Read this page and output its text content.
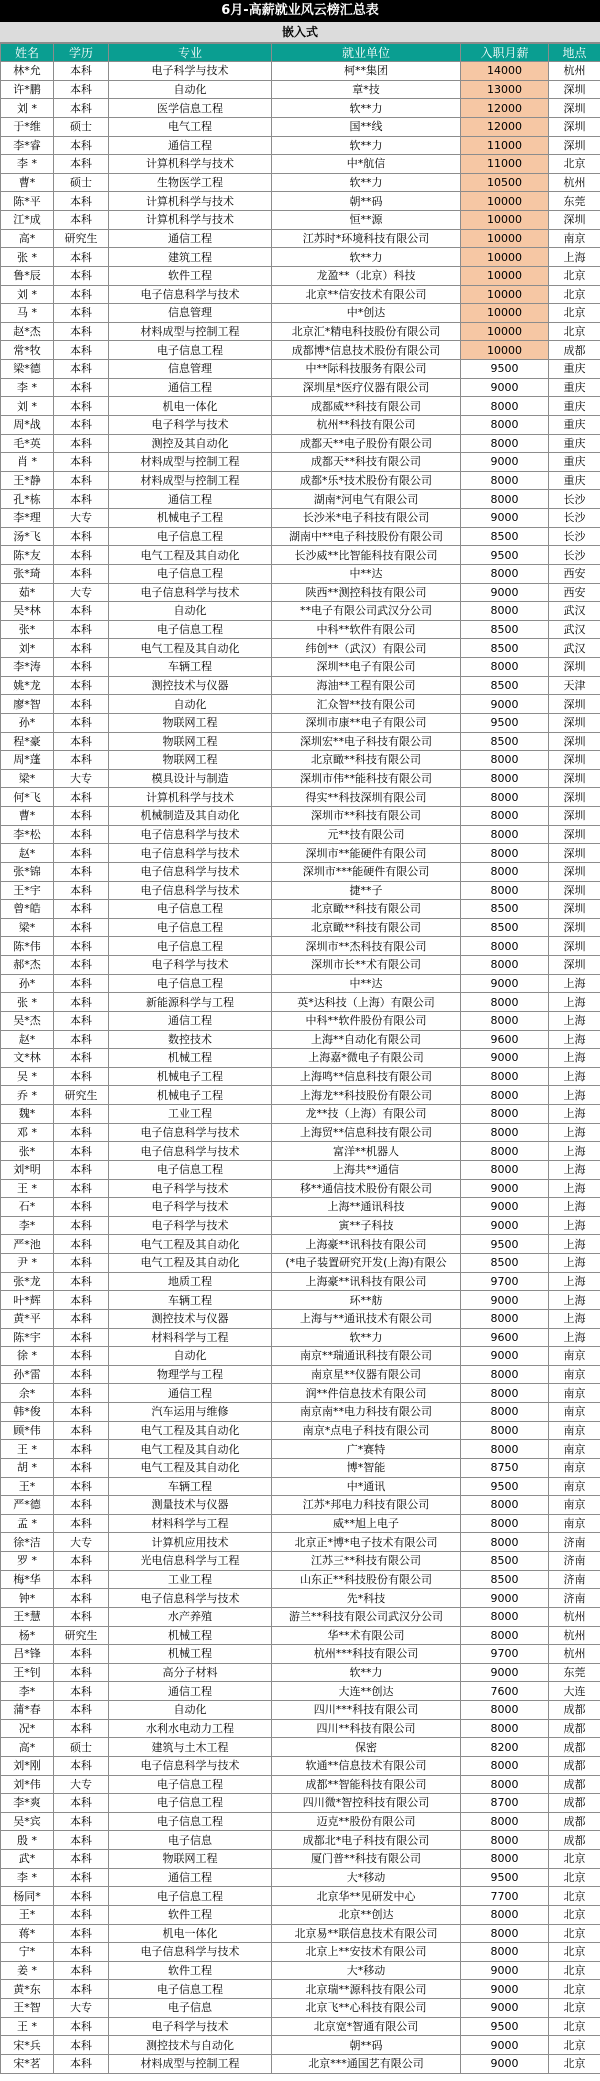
6月-高薪就业风云榜汇总表
嵌入式
姓名	学历	专业	就业单位	入职月薪	地点
林*允	本科	电子科学与技术	柯**集团	14000	杭州
许*鹏	本科	自动化	章*技	13000	深圳
刘 *	本科	医学信息工程	软**力	12000	深圳
于*维	硕士	电气工程	国**线	12000	深圳
李*睿	本科	通信工程	软**力	11000	深圳
李 *	本科	计算机科学与技术	中*航信	11000	北京
曹*	硕士	生物医学工程	软**力	10500	杭州
陈*平	本科	计算机科学与技术	朝**码	10000	东莞
江*成	本科	计算机科学与技术	恒**源	10000	深圳
高*	研究生	通信工程	江苏时*环境科技有限公司	10000	南京
张 *	本科	建筑工程	软**力	10000	上海
鲁*辰	本科	软件工程	龙盈**（北京）科技	10000	北京
刘 *	本科	电子信息科学与技术	北京**信安技术有限公司	10000	北京
马 *	本科	信息管理	中*创达	10000	北京
赵*杰	本科	材料成型与控制工程	北京汇*精电科技股份有限公司	10000	北京
常*牧	本科	电子信息工程	成都博*信息技术股份有限公司	10000	成都
梁*德	本科	信息管理	中**际科技服务有限公司	9500	重庆
李 *	本科	通信工程	深圳星*医疗仪器有限公司	9000	重庆
刘 *	本科	机电一体化	成都威**科技有限公司	8000	重庆
周*战	本科	电子科学与技术	杭州**科技有限公司	8000	重庆
毛*英	本科	测控及其自动化	成都天**电子股份有限公司	8000	重庆
肖 *	本科	材料成型与控制工程	成都天**科技有限公司	9000	重庆
王*静	本科	材料成型与控制工程	成都*乐*技术股份有限公司	8000	重庆
孔*栋	本科	通信工程	湖南*河电气有限公司	8000	长沙
李*理	大专	机械电子工程	长沙米*电子科技有限公司	9000	长沙
汤*飞	本科	电子信息工程	湖南中**电子科技股份有限公司	8500	长沙
陈*友	本科	电气工程及其自动化	长沙威**比智能科技有限公司	9500	长沙
张*琦	本科	电子信息工程	中**达	8000	西安
茹*	大专	电子信息科学与技术	陕西**测控科技有限公司	9000	西安
吴*林	本科	自动化	**电子有限公司武汉分公司	8000	武汉
张*	本科	电子信息工程	中科**软件有限公司	8500	武汉
刘*	本科	电气工程及其自动化	纬创**（武汉）有限公司	8500	武汉
李*涛	本科	车辆工程	深圳**电子有限公司	8000	深圳
姚*龙	本科	测控技术与仪器	海油**工程有限公司	8500	天津
廖*智	本科	自动化	汇众智**技有限公司	9000	深圳
孙*	本科	物联网工程	深圳市康**电子有限公司	9500	深圳
程*豪	本科	物联网工程	深圳宏**电子科技有限公司	8500	深圳
周*蓬	本科	物联网工程	北京瞰**科技有限公司	8000	深圳
梁*	大专	模具设计与制造	深圳市伟**能科技有限公司	8000	深圳
何*飞	本科	计算机科学与技术	得实**科技深圳有限公司	8000	深圳
曹*	本科	机械制造及其自动化	深圳市**科技有限公司	8000	深圳
李*松	本科	电子信息科学与技术	元**技有限公司	8000	深圳
赵*	本科	电子信息科学与技术	深圳市**能硬件有限公司	8000	深圳
张*锦	本科	电子信息科学与技术	深圳市***能硬件有限公司	8000	深圳
王*宇	本科	电子信息科学与技术	捷**子	8000	深圳
曾*皓	本科	电子信息工程	北京瞰**科技有限公司	8500	深圳
梁*	本科	电子信息工程	北京瞰**科技有限公司	8500	深圳
陈*伟	本科	电子信息工程	深圳市**杰科技有限公司	8000	深圳
郝*杰	本科	电子科学与技术	深圳市长**术有限公司	8000	深圳
孙*	本科	电子信息工程	中**达	9000	上海
张 *	本科	新能源科学与工程	英*达科技（上海）有限公司	8000	上海
吴*杰	本科	通信工程	中科**软件股份有限公司	8000	上海
赵*	本科	数控技术	上海**自动化有限公司	9600	上海
文*林	本科	机械工程	上海嘉*微电子有限公司	9000	上海
吴 *	本科	机械电子工程	上海鸣**信息科技有限公司	8000	上海
乔 *	研究生	机械电子工程	上海龙**科技股份有限公司	8000	上海
魏*	本科	工业工程	龙**技（上海）有限公司	8000	上海
邓 *	本科	电子信息科学与技术	上海贸**信息科技有限公司	8000	上海
张*	本科	电子信息科学与技术	富洋**机器人	8000	上海
刘*明	本科	电子信息工程	上海共**通信	8000	上海
王 *	本科	电子科学与技术	移**通信技术股份有限公司	9000	上海
石*	本科	电子科学与技术	上海**通讯科技	9000	上海
李*	本科	电子科学与技术	寅**子科技	9000	上海
严*池	本科	电气工程及其自动化	上海豪**讯科技有限公司	9500	上海
尹 *	本科	电气工程及其自动化	(*电子装置研究开发(上海)有限公	8500	上海
张*龙	本科	地质工程	上海豪**讯科技有限公司	9700	上海
叶*辉	本科	车辆工程	环**舫	9000	上海
黄*平	本科	测控技术与仪器	上海与**通讯技术有限公司	8000	上海
陈*宇	本科	材料科学与工程	软**力	9600	上海
徐 *	本科	自动化	南京**瑞通讯科技有限公司	9000	南京
孙*雷	本科	物理学与工程	南京星**仪器有限公司	8000	南京
余*	本科	通信工程	润**件信息技术有限公司	8000	南京
韩*俊	本科	汽车运用与维修	南京南**电力科技有限公司	8000	南京
顾*伟	本科	电气工程及其自动化	南京*点电子科技有限公司	8000	南京
王 *	本科	电气工程及其自动化	广*赛特	8000	南京
胡 *	本科	电气工程及其自动化	博*智能	8750	南京
王*	本科	车辆工程	中*通讯	9500	南京
严*德	本科	测量技术与仪器	江苏*邦电力科技有限公司	8000	南京
孟 *	本科	材料科学与工程	威**旭上电子	8000	南京
徐*洁	大专	计算机应用技术	北京正*博*电子技术有限公司	8000	济南
罗 *	本科	光电信息科学与工程	江苏三**科技有限公司	8500	济南
梅*华	本科	工业工程	山东正**科技股份有限公司	8500	济南
钟*	本科	电子信息科学与技术	先*科技	9000	济南
王*慧	本科	水产养殖	游兰**科技有限公司武汉分公司	8000	杭州
杨*	研究生	机械工程	华**术有限公司	8000	杭州
吕*锋	本科	机械工程	杭州***科技有限公司	9700	杭州
王*钊	本科	高分子材料	软**力	9000	东莞
李*	本科	通信工程	大连**创达	7600	大连
蒲*春	本科	自动化	四川***科技有限公司	8000	成都
况*	本科	水利水电动力工程	四川**科技有限公司	8000	成都
高*	硕士	建筑与土木工程	保密	8200	成都
刘*刚	本科	电子信息科学与技术	软通**信息技术有限公司	8000	成都
刘*伟	大专	电子信息工程	成都**智能科技有限公司	8000	成都
李*爽	本科	电子信息工程	四川微*智控科技有限公司	8700	成都
吴*宾	本科	电子信息工程	迈克**股份有限公司	8000	成都
殷 *	本科	电子信息	成都北*电子科技有限公司	8000	成都
武*	本科	物联网工程	厦门普**科技有限公司	8000	北京
李 *	本科	通信工程	大*移动	9500	北京
杨同*	本科	电子信息工程	北京华**见研发中心	7700	北京
王*	本科	软件工程	北京**创达	8000	北京
蒋*	本科	机电一体化	北京易**联信息技术有限公司	8000	北京
宁*	本科	电子信息科学与技术	北京上**安技术有限公司	8000	北京
姜 *	本科	软件工程	大*移动	9000	北京
黄*东	本科	电子信息工程	北京瑞**源科技有限公司	9000	北京
王*智	大专	电子信息	北京飞**心科技有限公司	9000	北京
王 *	本科	电子科学与技术	北京宽*智通有限公司	9500	北京
宋*兵	本科	测控技术与自动化	朝**码	9000	北京
宋*茗	本科	材料成型与控制工程	北京***通国艺有限公司	9000	北京
